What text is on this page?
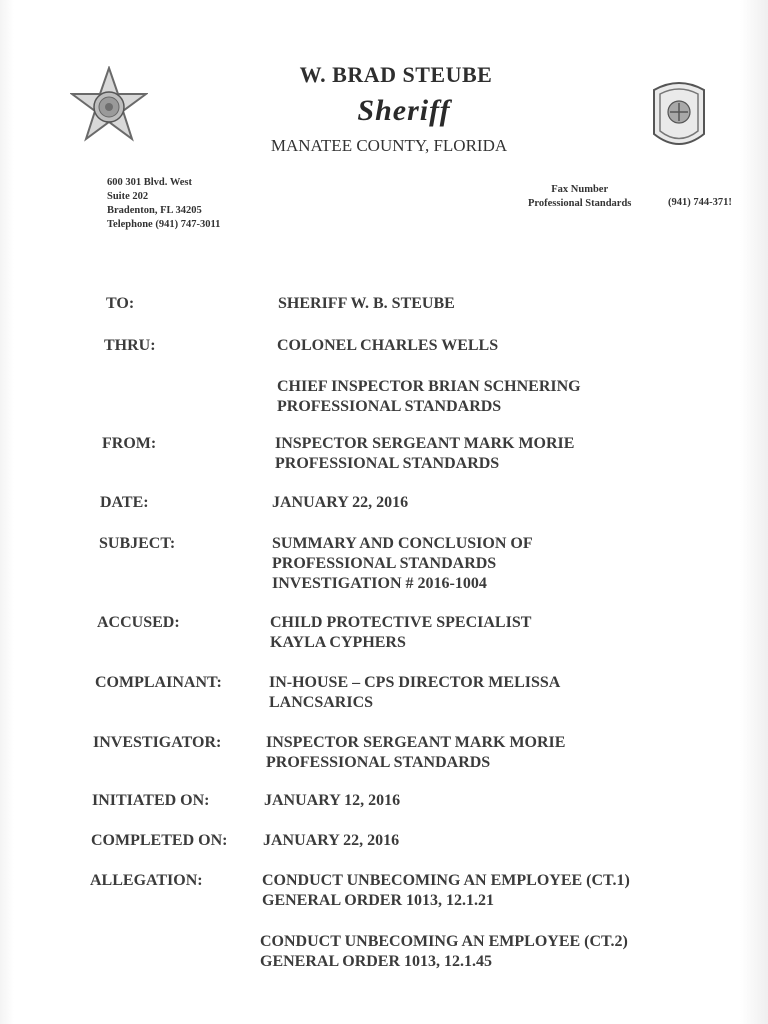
W. BRAD STEUBE
Sheriff
MANATEE COUNTY, FLORIDA
600 301 Blvd. West
Suite 202
Bradenton, FL 34205
Telephone (941) 747-3011
Fax Number
Professional Standards	(941) 744-371!
TO:	SHERIFF W. B. STEUBE
THRU:	COLONEL CHARLES WELLS
CHIEF INSPECTOR BRIAN SCHNERING
PROFESSIONAL STANDARDS
FROM:	INSPECTOR SERGEANT MARK MORIE
PROFESSIONAL STANDARDS
DATE:	JANUARY 22, 2016
SUBJECT:	SUMMARY AND CONCLUSION OF
PROFESSIONAL STANDARDS
INVESTIGATION # 2016-1004
ACCUSED:	CHILD PROTECTIVE SPECIALIST
KAYLA CYPHERS
COMPLAINANT:	IN-HOUSE – CPS DIRECTOR MELISSA
LANCSARICS
INVESTIGATOR:	INSPECTOR SERGEANT MARK MORIE
PROFESSIONAL STANDARDS
INITIATED ON:	JANUARY 12, 2016
COMPLETED ON: JANUARY 22, 2016
ALLEGATION:	CONDUCT UNBECOMING AN EMPLOYEE (CT.1)
GENERAL ORDER 1013, 12.1.21
CONDUCT UNBECOMING AN EMPLOYEE (CT.2)
GENERAL ORDER 1013, 12.1.45
